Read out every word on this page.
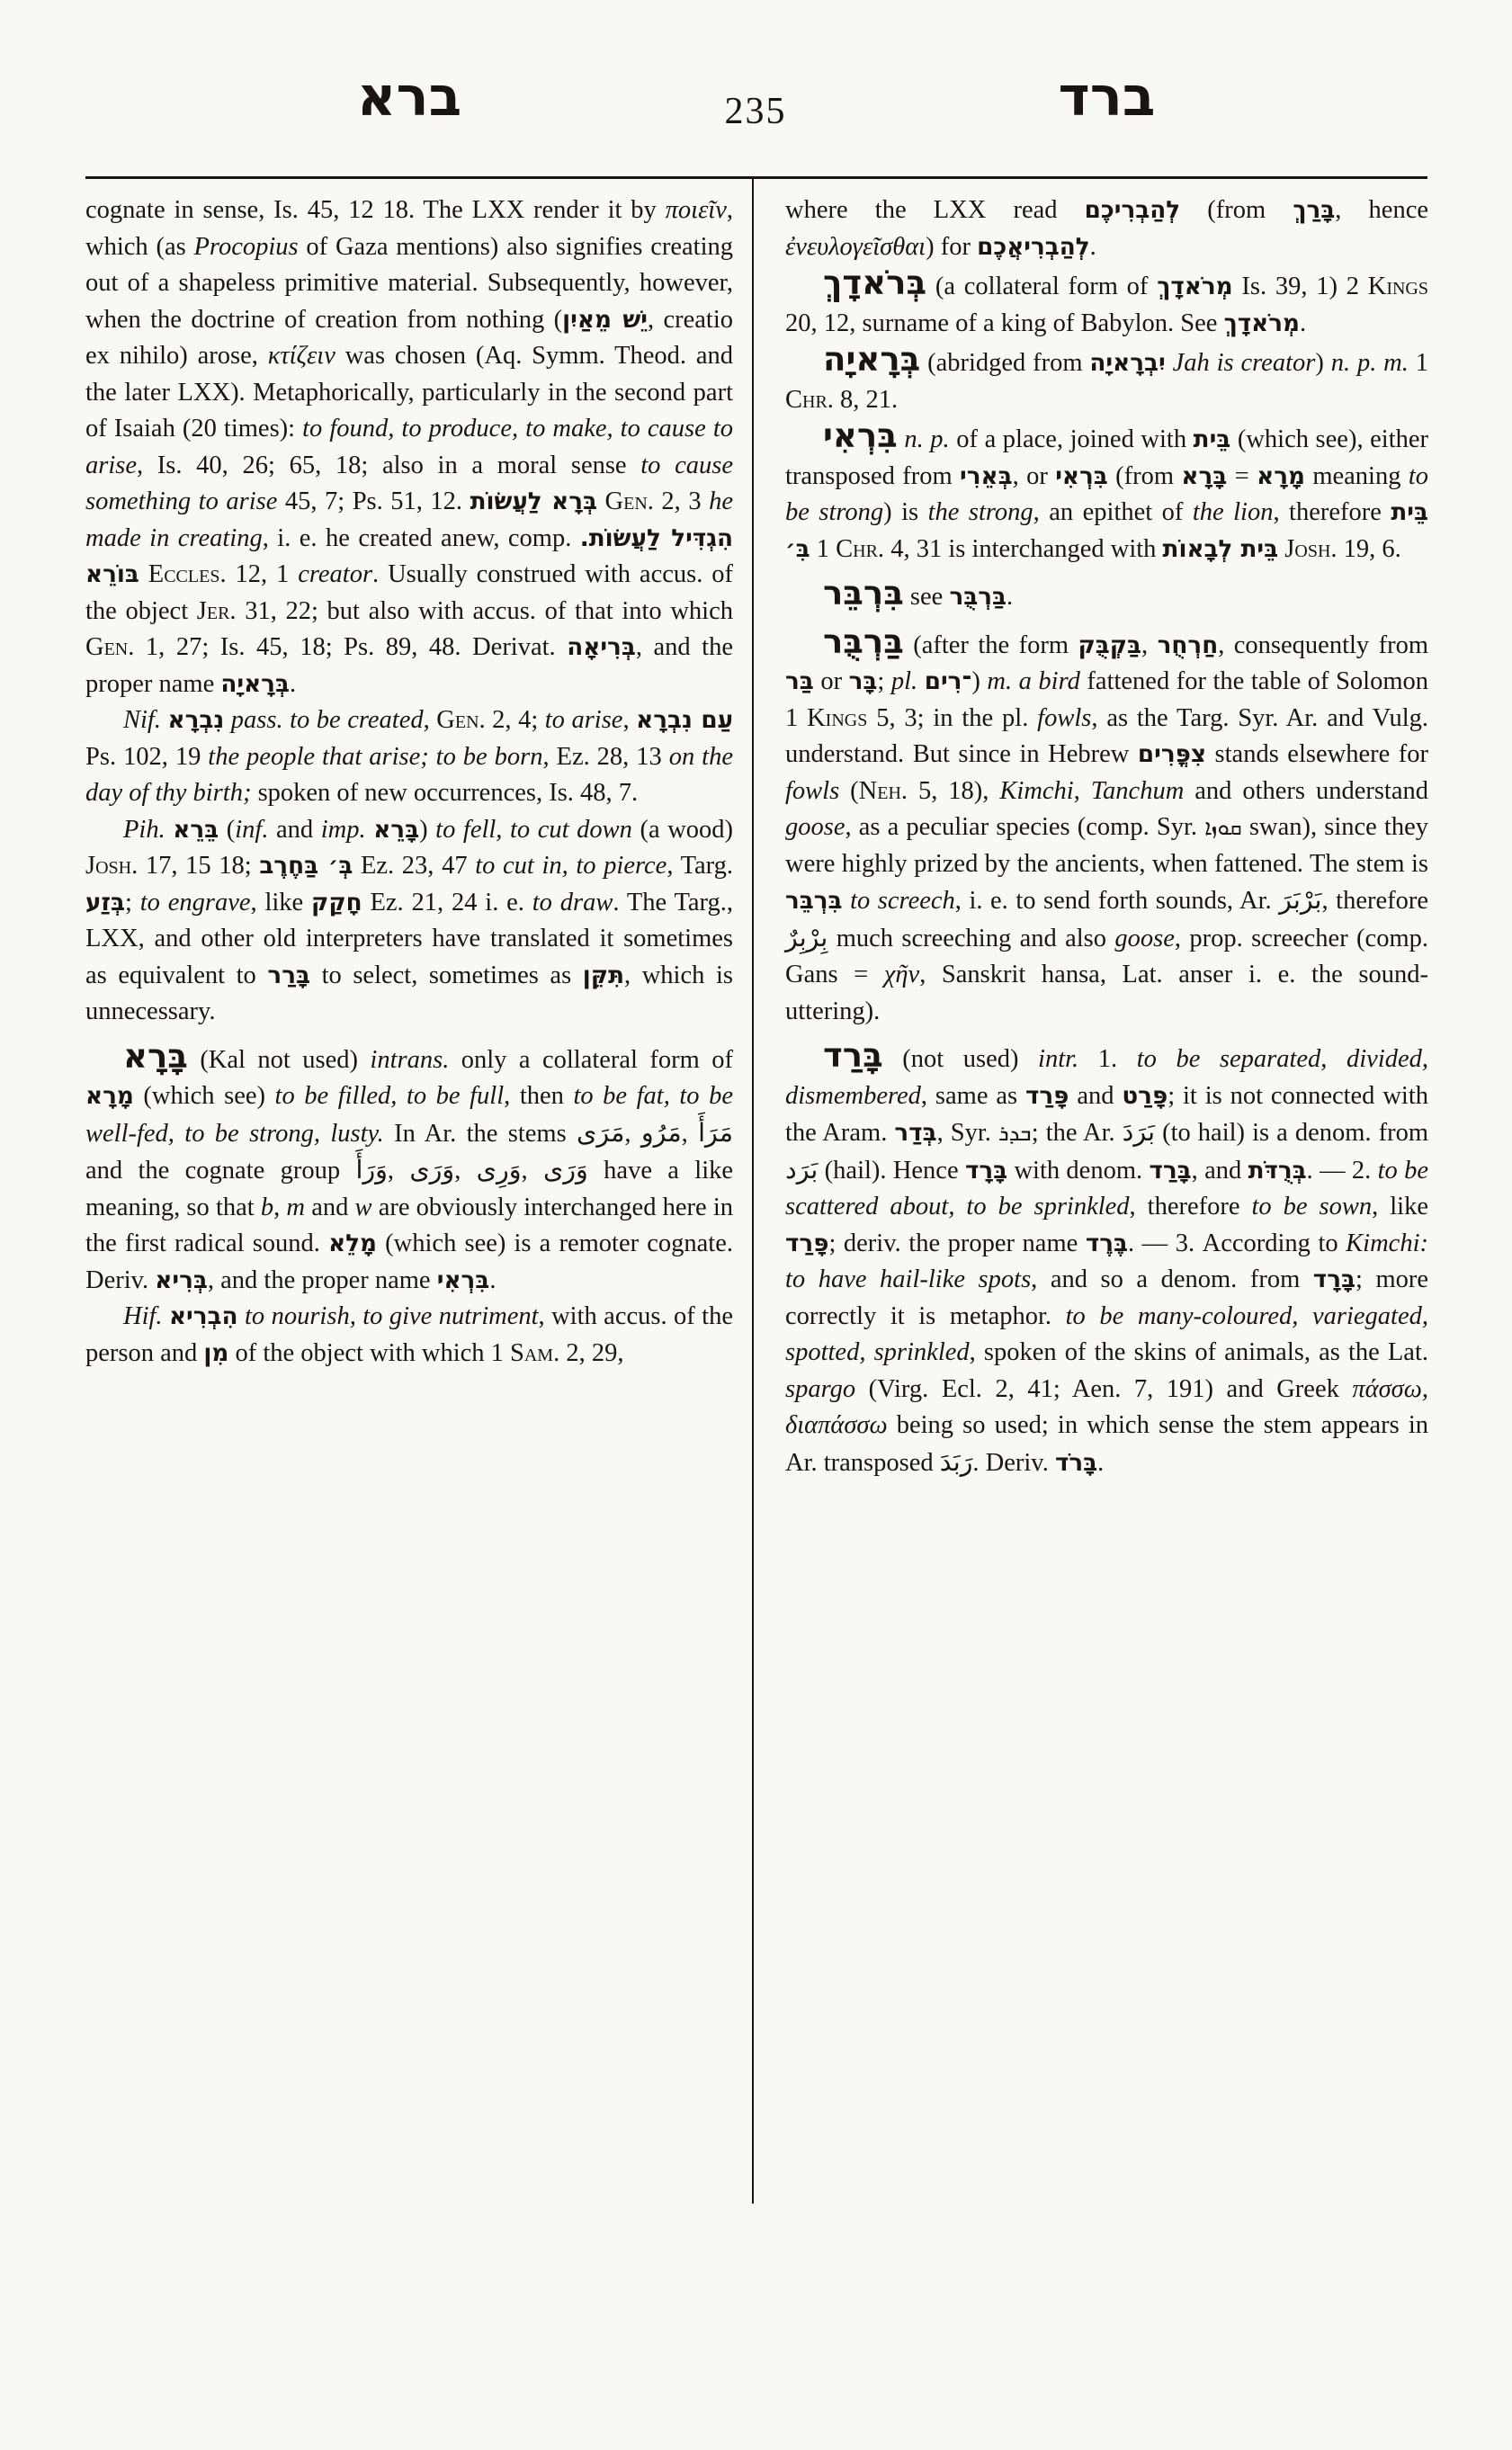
ברא	235	ברד

cognate in sense, Is. 45, 12 18. The LXX render it by ποιεῖν, which (as Procopius of Gaza mentions) also signifies creating out of a shapeless primitive material. Subsequently, however, when the doctrine of creation from nothing (יֵשׁ מֵאַיִן, creatio ex nihilo) arose, κτίζειν was chosen (Aq. Symm. Theod. and the later LXX). Metaphorically, particularly in the second part of Isaiah (20 times): to found, to produce, to make, to cause to arise, Is. 40, 26; 65, 18; also in a moral sense to cause something to arise 45, 7; Ps. 51, 12. בְּרָא לַעֲשׂוֹת Gen. 2, 3 he made in creating, i. e. he created anew, comp. הִגְדִּיל לַעֲשׂוֹת. בּוֹרֵא Eccles. 12, 1 creator. Usually construed with accus. of the object Jer. 31, 22; but also with accus. of that into which Gen. 1, 27; Is. 45, 18; Ps. 89, 48. Derivat. בְּרִיאָה, and the proper name בְּרָאיָה.

Nif. נִבְרָא pass. to be created, Gen. 2, 4; to arise, עַם נִבְרָא Ps. 102, 19 the people that arise; to be born, Ez. 28, 13 on the day of thy birth; spoken of new occurrences, Is. 48, 7.

Pih. בֵּרֵא (inf. and imp. בָּרֵא) to fell, to cut down (a wood) Josh. 17, 15 18; בְּ׳ בַּחֶרֶב Ez. 23, 47 to cut in, to pierce, Targ. בְּזַע; to engrave, like חָקַק Ez. 21, 24 i. e. to draw. The Targ., LXX, and other old interpreters have translated it sometimes as equivalent to בָּרַר to select, sometimes as תִּקֵּן, which is unnecessary.

בָּרָא (Kal not used) intrans. only a collateral form of מָרָא (which see) to be filled, to be full, then to be fat, to be well-fed, to be strong, lusty. In Ar. the stems مَرَى, مَرُو, مَرَأَ and the cognate group وَرَأَ, وَرَى, وَرِى, وَرَى have a like meaning, so that b, m and w are obviously interchanged here in the first radical sound. מָלֵא (which see) is a remoter cognate. Deriv. בְּרִיא, and the proper name בִּרְאִי.

Hif. הִבְרִיא to nourish, to give nutriment, with accus. of the person and מִן of the object with which 1 Sam. 2, 29,

where the LXX read לְהַבְרִיכֶם (from בָּרַךְ, hence ἐνευλογεῖσθαι) for לְהַבְרִיאֲכֶם.

בְּרֹאדָךְ (a collateral form of מְרֹאדָךְ Is. 39, 1) 2 Kings 20, 12, surname of a king of Babylon. See מְרֹאדָךְ.

בְּרָאיָה (abridged from יִבְרָאיָה Jah is creator) n. p. m. 1 Chr. 8, 21.

בִּרְאִי n. p. of a place, joined with בֵּית (which see), either transposed from בְּאֵרִי, or בִּרְאִי (from בָּרָא = מָרָא meaning to be strong) is the strong, an epithet of the lion, therefore בֵּית בִּ׳ 1 Chr. 4, 31 is interchanged with בֵּית לְבָאוֹת Josh. 19, 6.

בִּרְבֵּר see בַּרְבֻּר.

בַּרְבֻּר (after the form בַּקְבֻּק, חַרְחֻר, consequently from בַּר or בָּר; pl. ־רִים) m. a bird fattened for the table of Solomon 1 Kings 5, 3; in the pl. fowls, as the Targ. Syr. Ar. and Vulg. understand. But since in Hebrew צִפֳּרִים stands elsewhere for fowls (Neh. 5, 18), Kimchi, Tanchum and others understand goose, as a peculiar species (comp. Syr. ܩܘܙܐ swan), since they were highly prized by the ancients, when fattened. The stem is בִּרְבֵּר to screech, i. e. to send forth sounds, Ar. بَرْبَرَ, therefore بِرْبِرٌ much screeching and also goose, prop. screecher (comp. Gans = χῆν, Sanskrit hansa, Lat. anser i. e. the sound-uttering).

בָּרַד (not used) intr. 1. to be separated, divided, dismembered, same as פָּרַד and פָּרַט; it is not connected with the Aram. בְּדַר, Syr. ܒܕܪ; the Ar. بَرَدَ (to hail) is a denom. from بَرَد (hail). Hence בָּרָד with denom. בָּרַד, and בְּרֻדֹּת. — 2. to be scattered about, to be sprinkled, therefore to be sown, like פָּרַד; deriv. the proper name בֶּרֶד. — 3. According to Kimchi: to have hail-like spots, and so a denom. from בָּרָד; more correctly it is metaphor. to be many-coloured, variegated, spotted, sprinkled, spoken of the skins of animals, as the Lat. spargo (Virg. Ecl. 2, 41; Aen. 7, 191) and Greek πάσσω, διαπάσσω being so used; in which sense the stem appears in Ar. transposed رَبَدَ. Deriv. בָּרֹד.
